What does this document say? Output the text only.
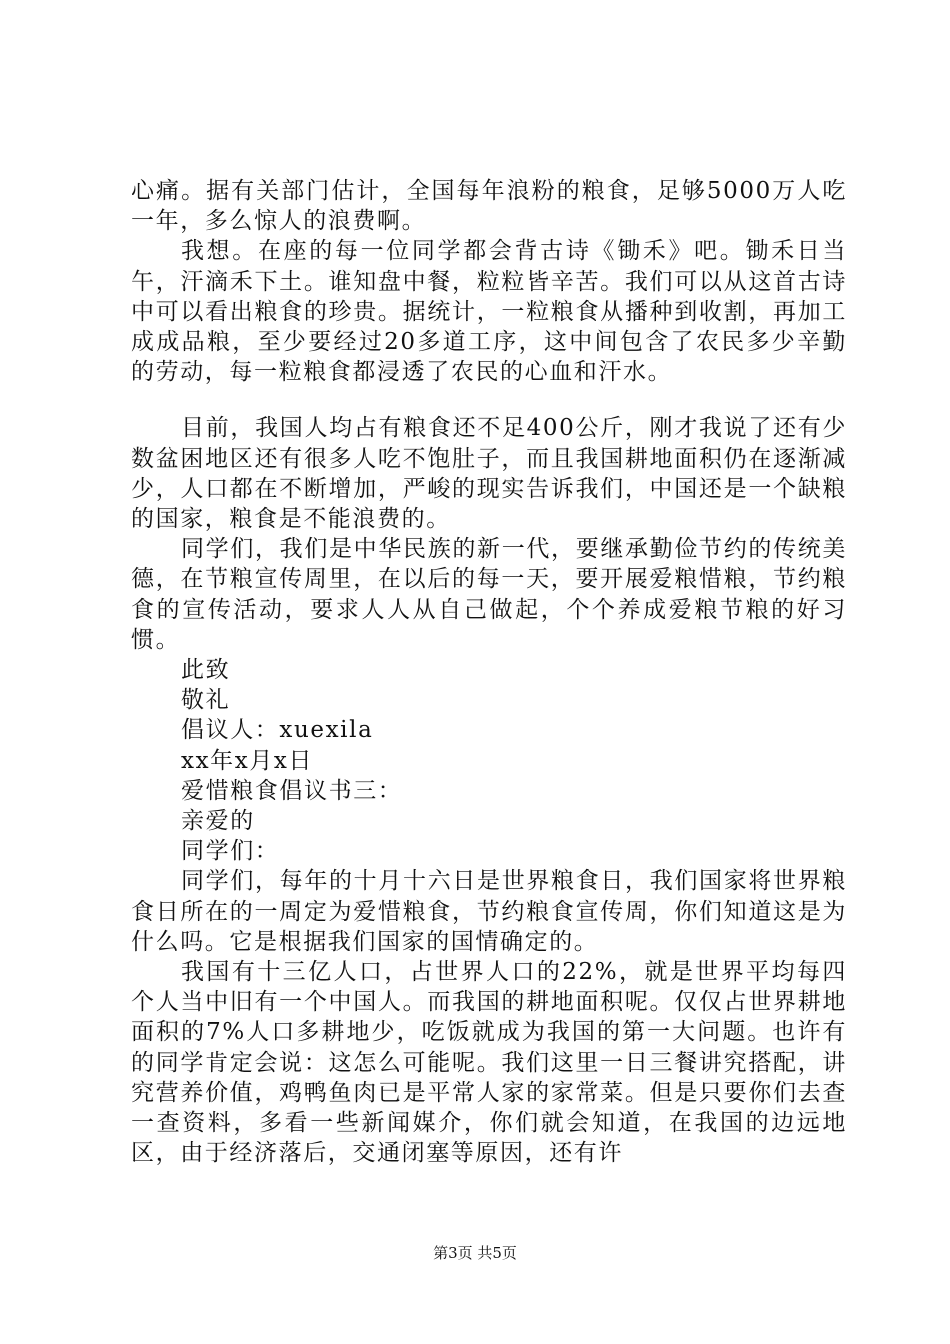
心痛。据有关部门估计，全国每年浪粉的粮食，足够5000万人吃一年，多么惊人的浪费啊。

我想。在座的每一位同学都会背古诗《锄禾》吧。锄禾日当午，汗滴禾下土。谁知盘中餐，粒粒皆辛苦。我们可以从这首古诗中可以看出粮食的珍贵。据统计，一粒粮食从播种到收割，再加工成成品粮，至少要经过20多道工序，这中间包含了农民多少辛勤的劳动，每一粒粮食都浸透了农民的心血和汗水。

目前，我国人均占有粮食还不足400公斤，刚才我说了还有少数盆困地区还有很多人吃不饱肚子，而且我国耕地面积仍在逐渐减少，人口都在不断增加，严峻的现实告诉我们，中国还是一个缺粮的国家，粮食是不能浪费的。

同学们，我们是中华民族的新一代，要继承勤俭节约的传统美德，在节粮宣传周里，在以后的每一天，要开展爱粮惜粮，节约粮食的宣传活动，要求人人从自己做起，个个养成爱粮节粮的好习惯。

此致

敬礼

倡议人：xuexila

xx年x月x日

爱惜粮食倡议书三：

亲爱的

同学们：

同学们，每年的十月十六日是世界粮食日，我们国家将世界粮食日所在的一周定为爱惜粮食，节约粮食宣传周，你们知道这是为什么吗。它是根据我们国家的国情确定的。

我国有十三亿人口，占世界人口的22%，就是世界平均每四个人当中旧有一个中国人。而我国的耕地面积呢。仅仅占世界耕地面积的7%人口多耕地少，吃饭就成为我国的第一大问题。也许有的同学肯定会说：这怎么可能呢。我们这里一日三餐讲究搭配，讲究营养价值，鸡鸭鱼肉已是平常人家的家常菜。但是只要你们去查一查资料，多看一些新闻媒介，你们就会知道，在我国的边远地区，由于经济落后，交通闭塞等原因，还有许

第3页 共5页
